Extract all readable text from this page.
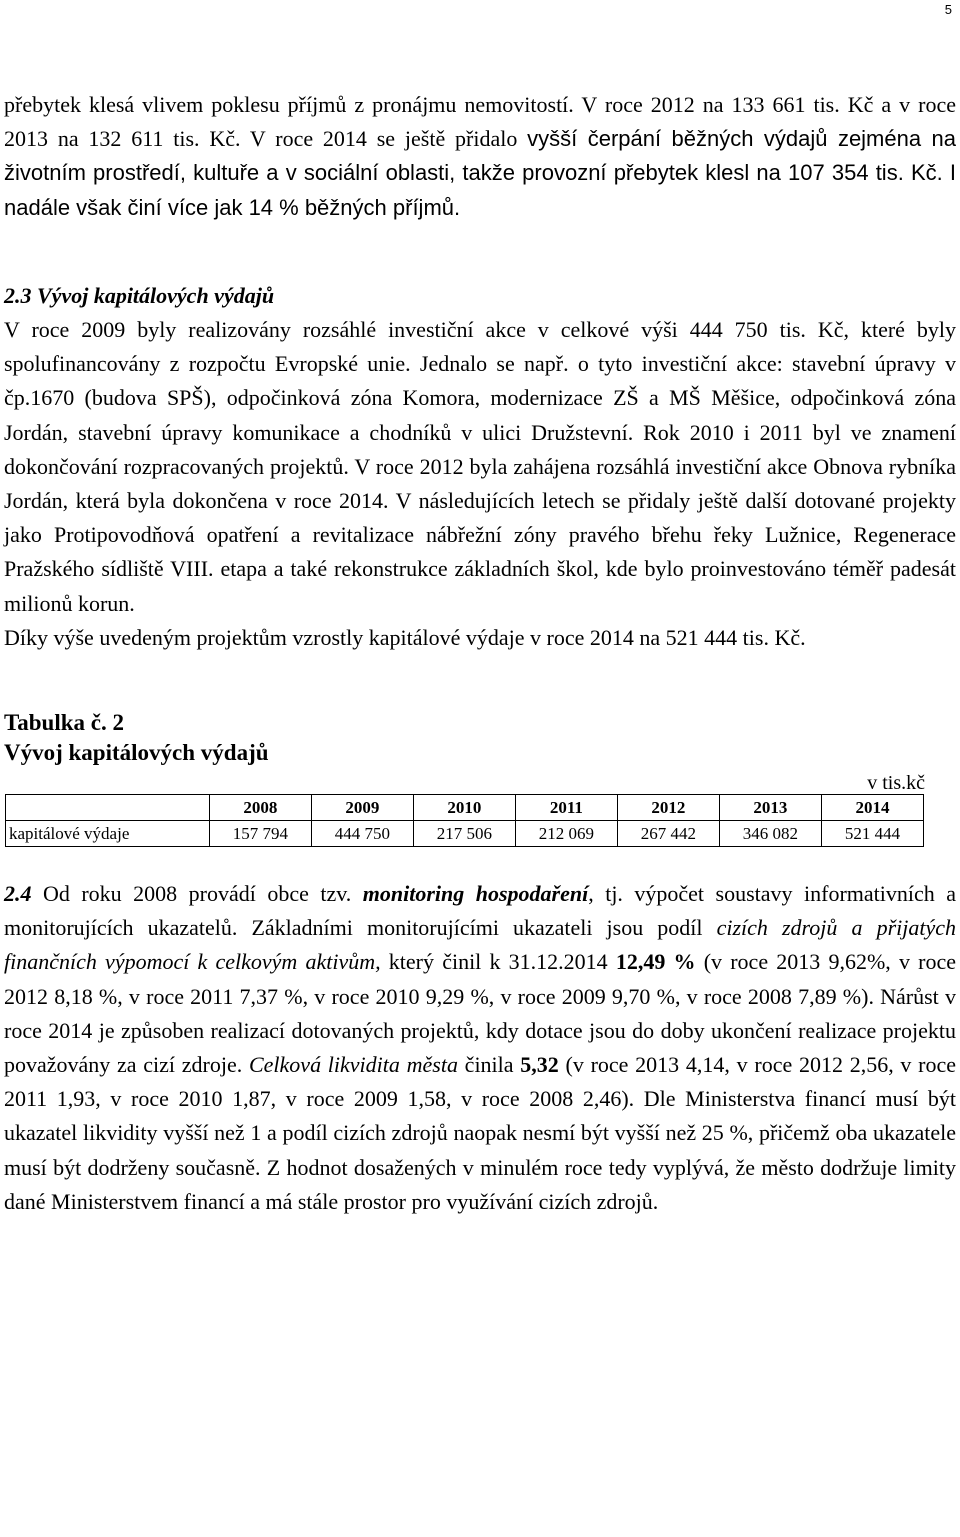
5

přebytek klesá vlivem poklesu příjmů z pronájmu nemovitostí. V roce 2012 na 133 661 tis. Kč a v roce 2013 na 132 611 tis. Kč. V roce 2014 se ještě přidalo vyšší čerpání běžných výdajů zejména na životním prostředí, kultuře a v sociální oblasti, takže provozní přebytek klesl na 107 354 tis. Kč. I nadále však činí více jak 14 % běžných příjmů.

2.3 Vývoj kapitálových výdajů

V roce 2009 byly realizovány rozsáhlé investiční akce v celkové výši 444 750 tis. Kč, které byly spolufinancovány z rozpočtu Evropské unie. Jednalo se např. o tyto investiční akce: stavební úpravy v čp.1670 (budova SPŠ), odpočinková zóna Komora, modernizace ZŠ a MŠ Měšice, odpočinková zóna Jordán, stavební úpravy komunikace a chodníků v ulici Družstevní. Rok 2010 i 2011 byl ve znamení dokončování rozpracovaných projektů. V roce 2012 byla zahájena rozsáhlá investiční akce Obnova rybníka Jordán, která byla dokončena v roce 2014. V následujících letech se přidaly ještě další dotované projekty jako Protipovodňová opatření a revitalizace nábřežní zóny pravého břehu řeky Lužnice, Regenerace Pražského sídliště VIII. etapa a také rekonstrukce základních škol, kde bylo proinvestováno téměř padesát milionů korun.

Díky výše uvedeným projektům vzrostly kapitálové výdaje v roce 2014 na 521 444 tis. Kč.

Tabulka č. 2
Vývoj kapitálových výdajů
v tis.kč
	2008	2009	2010	2011	2012	2013	2014
kapitálové výdaje	157 794	444 750	217 506	212 069	267 442	346 082	521 444

2.4 Od roku 2008 provádí obce tzv. monitoring hospodaření, tj. výpočet soustavy informativních a monitorujících ukazatelů. Základními monitorujícími ukazateli jsou podíl cizích zdrojů a přijatých finančních výpomocí k celkovým aktivům, který činil k 31.12.2014 12,49 % (v roce 2013 9,62%, v roce 2012 8,18 %, v roce 2011 7,37 %, v roce 2010 9,29 %, v roce 2009 9,70 %, v roce 2008 7,89 %). Nárůst v roce 2014 je způsoben realizací dotovaných projektů, kdy dotace jsou do doby ukončení realizace projektu považovány za cizí zdroje. Celková likvidita města činila 5,32 (v roce 2013 4,14, v roce 2012 2,56, v roce 2011 1,93, v roce 2010 1,87, v roce 2009 1,58, v roce 2008 2,46). Dle Ministerstva financí musí být ukazatel likvidity vyšší než 1 a podíl cizích zdrojů naopak nesmí být vyšší než 25 %, přičemž oba ukazatele musí být dodrženy současně. Z hodnot dosažených v minulém roce tedy vyplývá, že město dodržuje limity dané Ministerstvem financí a má stále prostor pro využívání cizích zdrojů.
